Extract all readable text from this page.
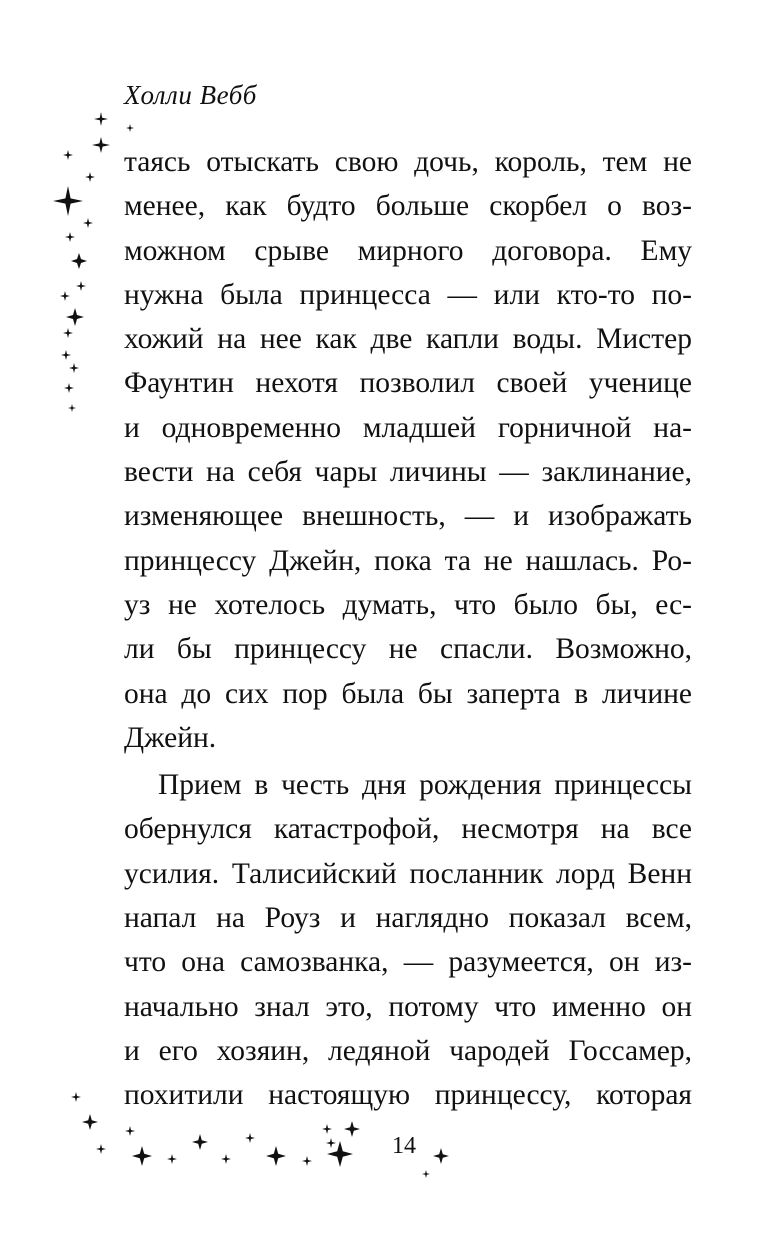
Холли Вебб
таясь отыскать свою дочь, король, тем не
менее, как будто больше скорбел о воз-
можном срыве мирного договора. Ему
нужна была принцесса — или кто-то по-
хожий на нее как две капли воды. Мистер
Фаунтин нехотя позволил своей ученице
и одновременно младшей горничной на-
вести на себя чары личины — заклинание,
изменяющее внешность, — и изображать
принцессу Джейн, пока та не нашлась. Ро-
уз не хотелось думать, что было бы, ес-
ли бы принцессу не спасли. Возможно,
она до сих пор была бы заперта в личине
Джейн.
Прием в честь дня рождения принцессы
обернулся катастрофой, несмотря на все
усилия. Талисийский посланник лорд Венн
напал на Роуз и наглядно показал всем,
что она самозванка, — разумеется, он из-
начально знал это, потому что именно он
и его хозяин, ледяной чародей Госсамер,
похитили настоящую принцессу, которая
14
